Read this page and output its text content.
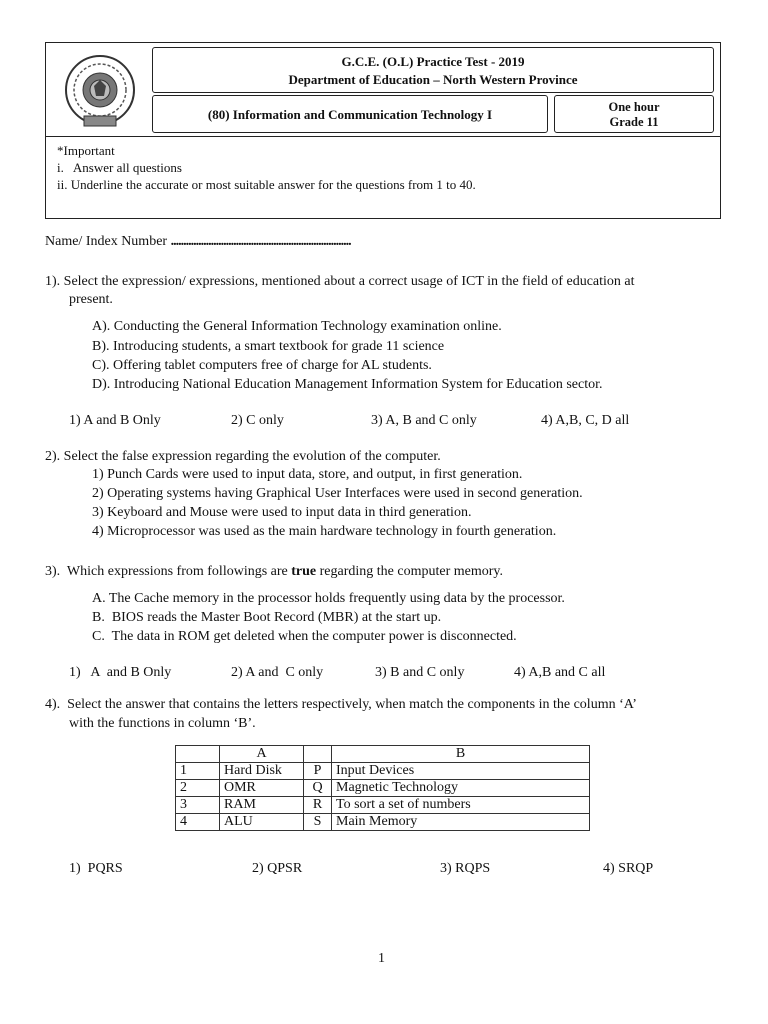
G.C.E. (O.L) Practice Test - 2019
Department of Education – North Western Province
(80) Information and Communication Technology I	One hour
Grade 11
*Important
i.   Answer all questions
ii. Underline the accurate or most suitable answer for the questions from 1 to 40.
Name/ Index Number ........................................................................
1). Select the expression/ expressions, mentioned about a correct usage of ICT in the field of education at
present.
A). Conducting the General Information Technology examination online.
B). Introducing students, a smart textbook for grade 11 science
C). Offering tablet computers free of charge for AL students.
D). Introducing National Education Management Information System for Education sector.
1) A and B Only	2) C only	3) A, B and C only	4) A,B, C, D all
2). Select the false expression regarding the evolution of the computer.
1) Punch Cards were used to input data, store, and output, in first generation.
2) Operating systems having Graphical User Interfaces were used in second generation.
3) Keyboard and Mouse were used to input data in third generation.
4) Microprocessor was used as the main hardware technology in fourth generation.
3).  Which expressions from followings are true regarding the computer memory.
A. The Cache memory in the processor holds frequently using data by the processor.
B.  BIOS reads the Master Boot Record (MBR) at the start up.
C.  The data in ROM get deleted when the computer power is disconnected.
1)   A  and B Only	2) A and  C only	3) B and C only	4) A,B and C all
4).  Select the answer that contains the letters respectively, when match the components in the column ‘A’
with the functions in column ‘B’.
	A		B
1	Hard Disk	P	Input Devices
2	OMR	Q	Magnetic Technology
3	RAM	R	To sort a set of numbers
4	ALU	S	Main Memory
1)  PQRS	2) QPSR	3) RQPS	4) SRQP
1
